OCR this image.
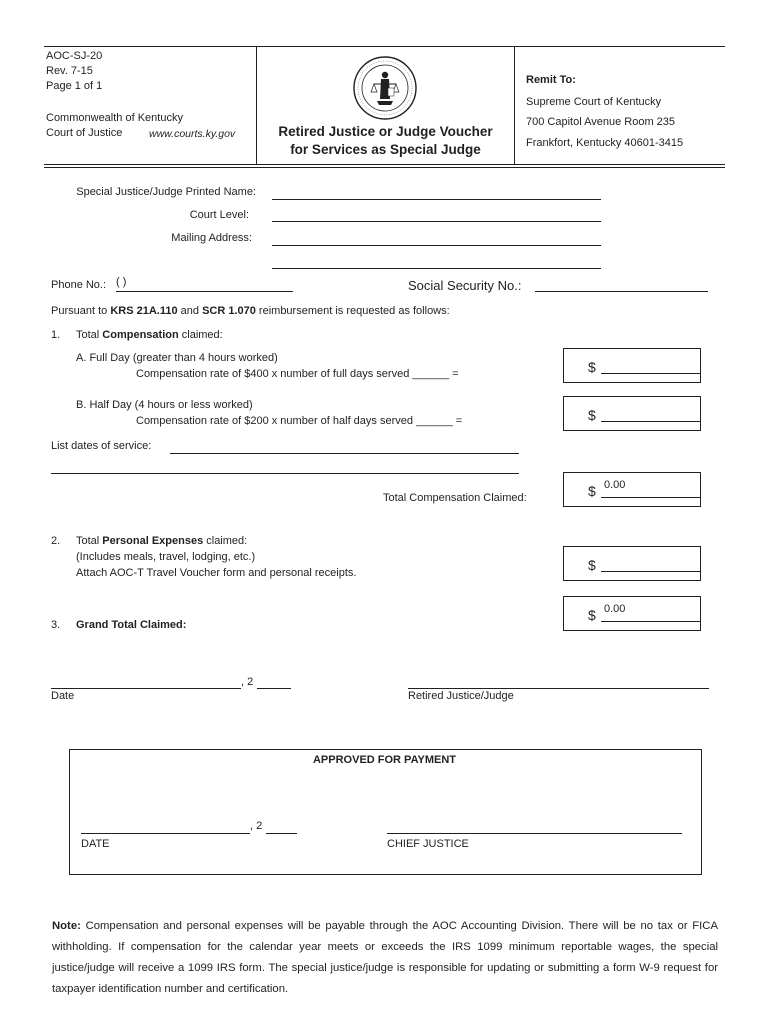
AOC-SJ-20
Rev. 7-15
Page 1 of 1
Commonwealth of Kentucky
Court of Justice	www.courts.ky.gov	Retired Justice or Judge Voucher
for Services as Special Judge
Remit To:
Supreme Court of Kentucky
700 Capitol Avenue Room 235
Frankfort, Kentucky 40601-3415
Special Justice/Judge Printed Name:
Court Level:
Mailing Address:
Phone No.: ( )	Social Security No.:
Pursuant to KRS 21A.110 and SCR 1.070 reimbursement is requested as follows:
1. Total Compensation claimed:
A. Full Day (greater than 4 hours worked)
Compensation rate of $400 x number of full days served ______ =	$
B. Half Day (4 hours or less worked)
Compensation rate of $200 x number of half days served ______ =	$
List dates of service:
Total Compensation Claimed:	$ 0.00
2. Total Personal Expenses claimed:
(Includes meals, travel, lodging, etc.)
Attach AOC-T Travel Voucher form and personal receipts.	$
3. Grand Total Claimed:
$ 0.00
, 2
Date	Retired Justice/Judge
APPROVED FOR PAYMENT
, 2
DATE	CHIEF JUSTICE
Note: Compensation and personal expenses will be payable through the AOC Accounting Division. There will be no tax or FICA withholding. If compensation for the calendar year meets or exceeds the IRS 1099 minimum reportable wages, the special justice/judge will receive a 1099 IRS form. The special justice/judge is responsible for updating or submitting a form W-9 request for taxpayer identification number and certification.
